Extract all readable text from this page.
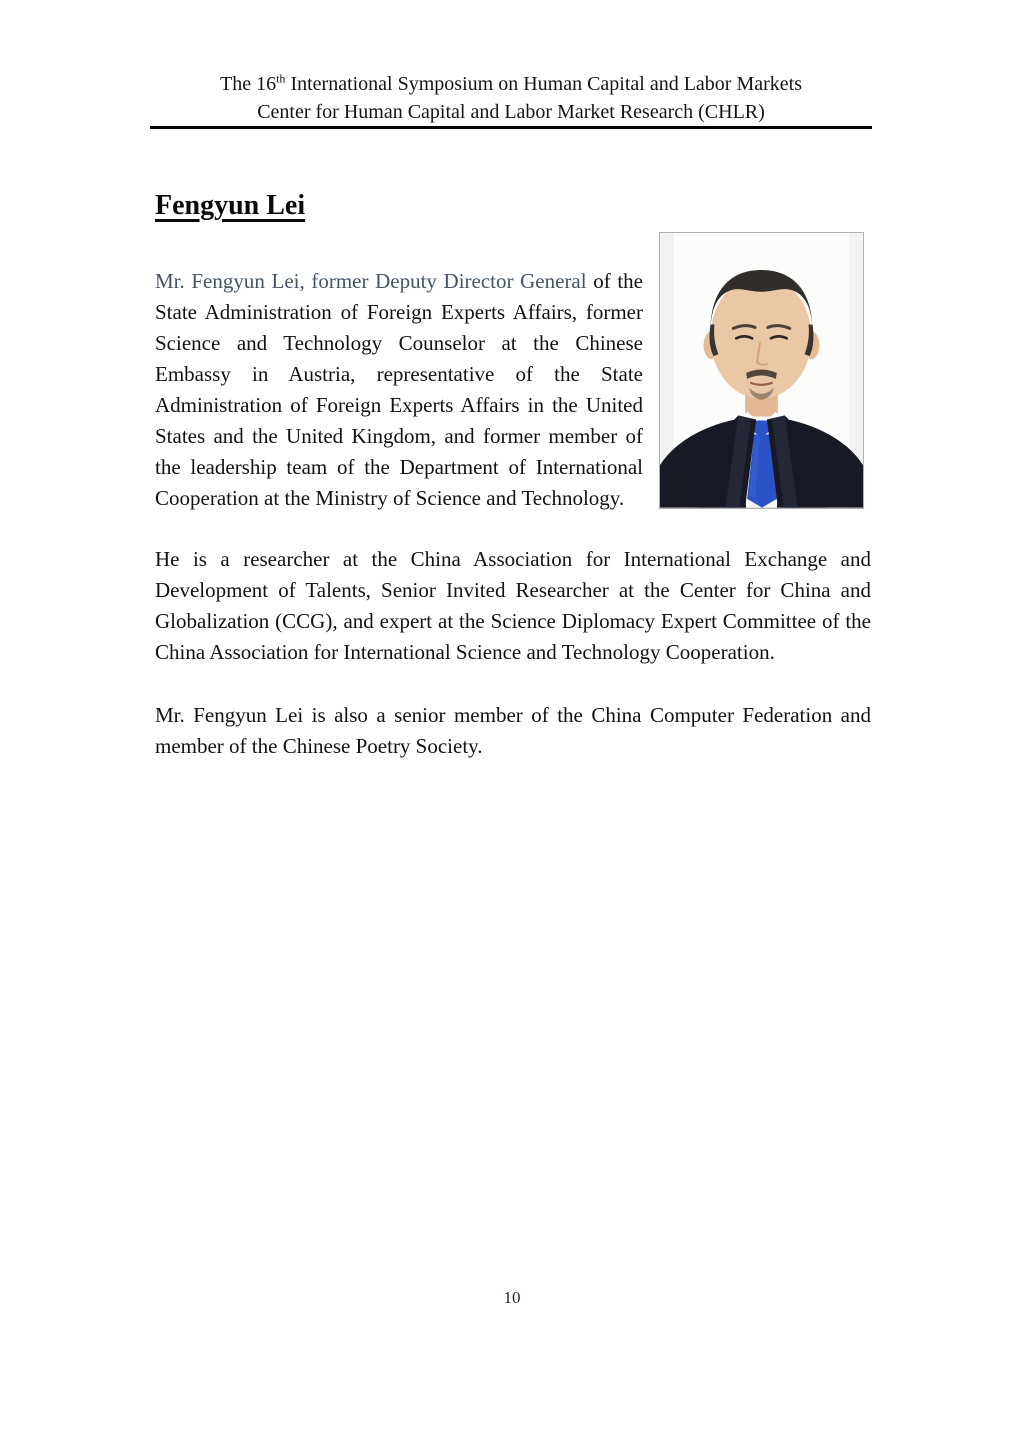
The 16th International Symposium on Human Capital and Labor Markets
Center for Human Capital and Labor Market Research (CHLR)
Fengyun Lei

Mr. Fengyun Lei, former Deputy Director General of the State Administration of Foreign Experts Affairs, former Science and Technology Counselor at the Chinese Embassy in Austria, representative of the State Administration of Foreign Experts Affairs in the United States and the United Kingdom, and former member of the leadership team of the Department of International Cooperation at the Ministry of Science and Technology.

He is a researcher at the China Association for International Exchange and Development of Talents, Senior Invited Researcher at the Center for China and Globalization (CCG), and expert at the Science Diplomacy Expert Committee of the China Association for International Science and Technology Cooperation.

Mr. Fengyun Lei is also a senior member of the China Computer Federation and member of the Chinese Poetry Society.

10
